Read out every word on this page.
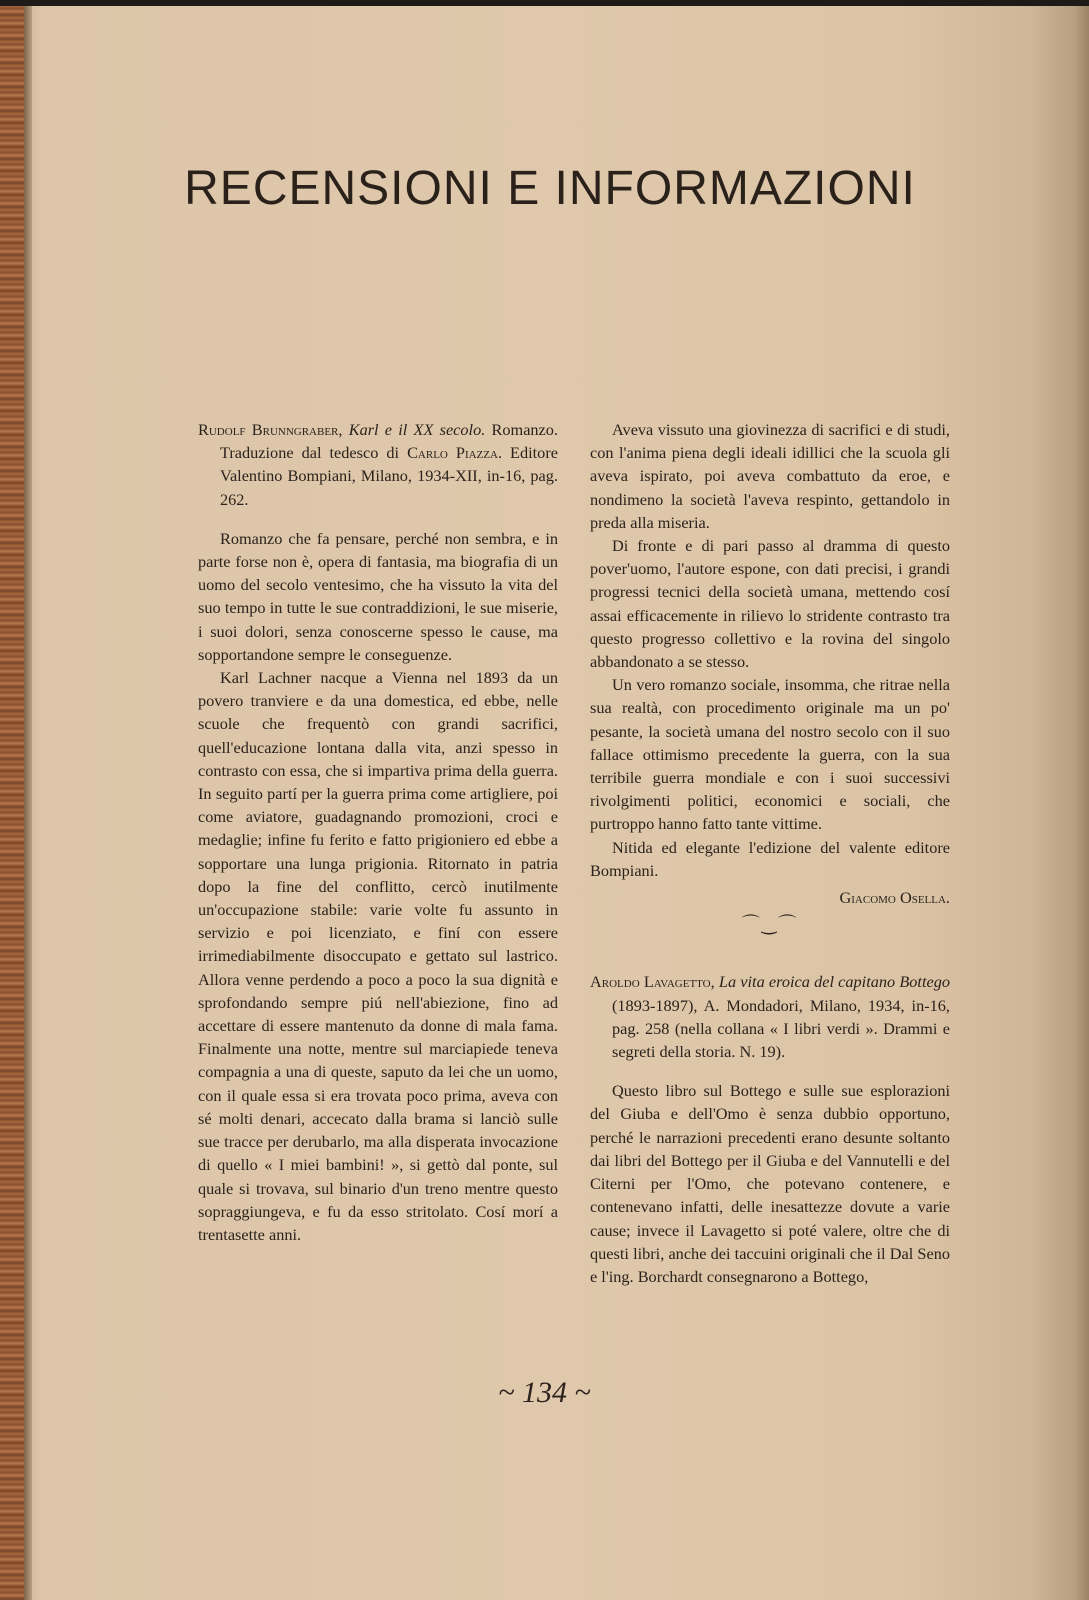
RECENSIONI E INFORMAZIONI

Rudolf Brunngraber, Karl e il XX secolo. Romanzo. Traduzione dal tedesco di Carlo Piazza. Editore Valentino Bompiani, Milano, 1934-XII, in-16, pag. 262.

Romanzo che fa pensare, perché non sembra, e in parte forse non è, opera di fantasia, ma biografia di un uomo del secolo ventesimo, che ha vissuto la vita del suo tempo in tutte le sue contraddizioni, le sue miserie, i suoi dolori, senza conoscerne spesso le cause, ma sopportandone sempre le conseguenze.

Karl Lachner nacque a Vienna nel 1893 da un povero tranviere e da una domestica, ed ebbe, nelle scuole che frequentò con grandi sacrifici, quell'educazione lontana dalla vita, anzi spesso in contrasto con essa, che si impartiva prima della guerra. In seguito partí per la guerra prima come artigliere, poi come aviatore, guadagnando promozioni, croci e medaglie; infine fu ferito e fatto prigioniero ed ebbe a sopportare una lunga prigionia. Ritornato in patria dopo la fine del conflitto, cercò inutilmente un'occupazione stabile: varie volte fu assunto in servizio e poi licenziato, e finí con essere irrimediabilmente disoccupato e gettato sul lastrico. Allora venne perdendo a poco a poco la sua dignità e sprofondando sempre piú nell'abiezione, fino ad accettare di essere mantenuto da donne di mala fama. Finalmente una notte, mentre sul marciapiede teneva compagnia a una di queste, saputo da lei che un uomo, con il quale essa si era trovata poco prima, aveva con sé molti denari, accecato dalla brama si lanciò sulle sue tracce per derubarlo, ma alla disperata invocazione di quello « I miei bambini! », si gettò dal ponte, sul quale si trovava, sul binario d'un treno mentre questo sopraggiungeva, e fu da esso stritolato. Cosí morí a trentasette anni.

Aveva vissuto una giovinezza di sacrifici e di studi, con l'anima piena degli ideali idillici che la scuola gli aveva ispirato, poi aveva combattuto da eroe, e nondimeno la società l'aveva respinto, gettandolo in preda alla miseria.

Di fronte e di pari passo al dramma di questo pover'uomo, l'autore espone, con dati precisi, i grandi progressi tecnici della società umana, mettendo cosí assai efficacemente in rilievo lo stridente contrasto tra questo progresso collettivo e la rovina del singolo abbandonato a se stesso.

Un vero romanzo sociale, insomma, che ritrae nella sua realtà, con procedimento originale ma un po' pesante, la società umana del nostro secolo con il suo fallace ottimismo precedente la guerra, con la sua terribile guerra mondiale e con i suoi successivi rivolgimenti politici, economici e sociali, che purtroppo hanno fatto tante vittime.

Nitida ed elegante l'edizione del valente editore Bompiani.

Giacomo Osella.

⌒‿⌒

Aroldo Lavagetto, La vita eroica del capitano Bottego (1893-1897), A. Mondadori, Milano, 1934, in-16, pag. 258 (nella collana « I libri verdi ». Drammi e segreti della storia. N. 19).

Questo libro sul Bottego e sulle sue esplorazioni del Giuba e dell'Omo è senza dubbio opportuno, perché le narrazioni precedenti erano desunte soltanto dai libri del Bottego per il Giuba e del Vannutelli e del Citerni per l'Omo, che potevano contenere, e contenevano infatti, delle inesattezze dovute a varie cause; invece il Lavagetto si poté valere, oltre che di questi libri, anche dei taccuini originali che il Dal Seno e l'ing. Borchardt consegnarono a Bottego,

~ 134 ~
